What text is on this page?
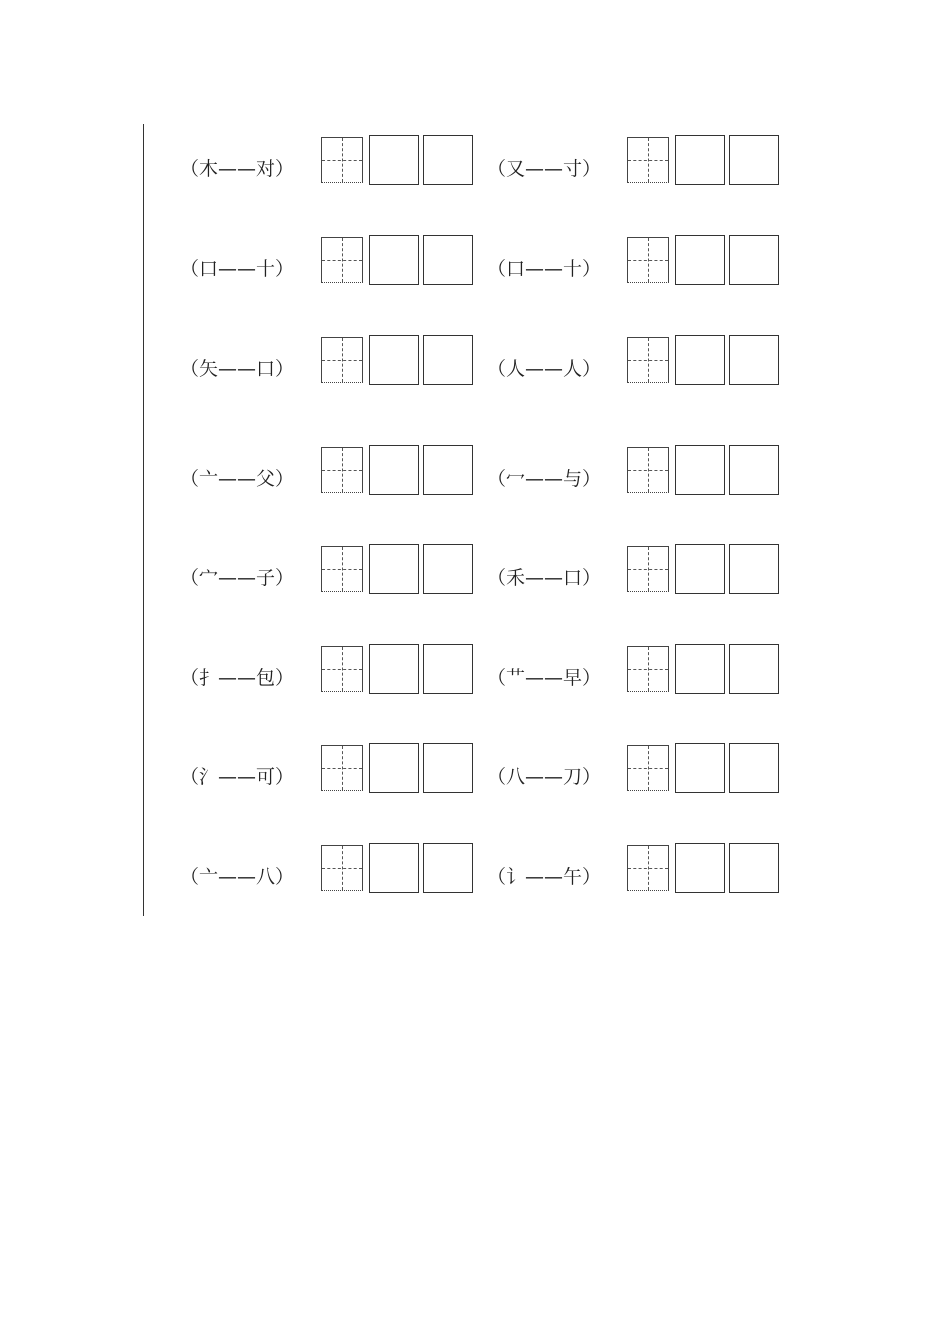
（木——对）	（又——寸）
（口——十）	（口——十）
（矢——口）	（人——人）
（亠——父）	（冖——与）
（宀——子）	（禾——口）
（扌——包）	（艹——早）
（氵——可）	（八——刀）
（亠——八）	（讠——午）
